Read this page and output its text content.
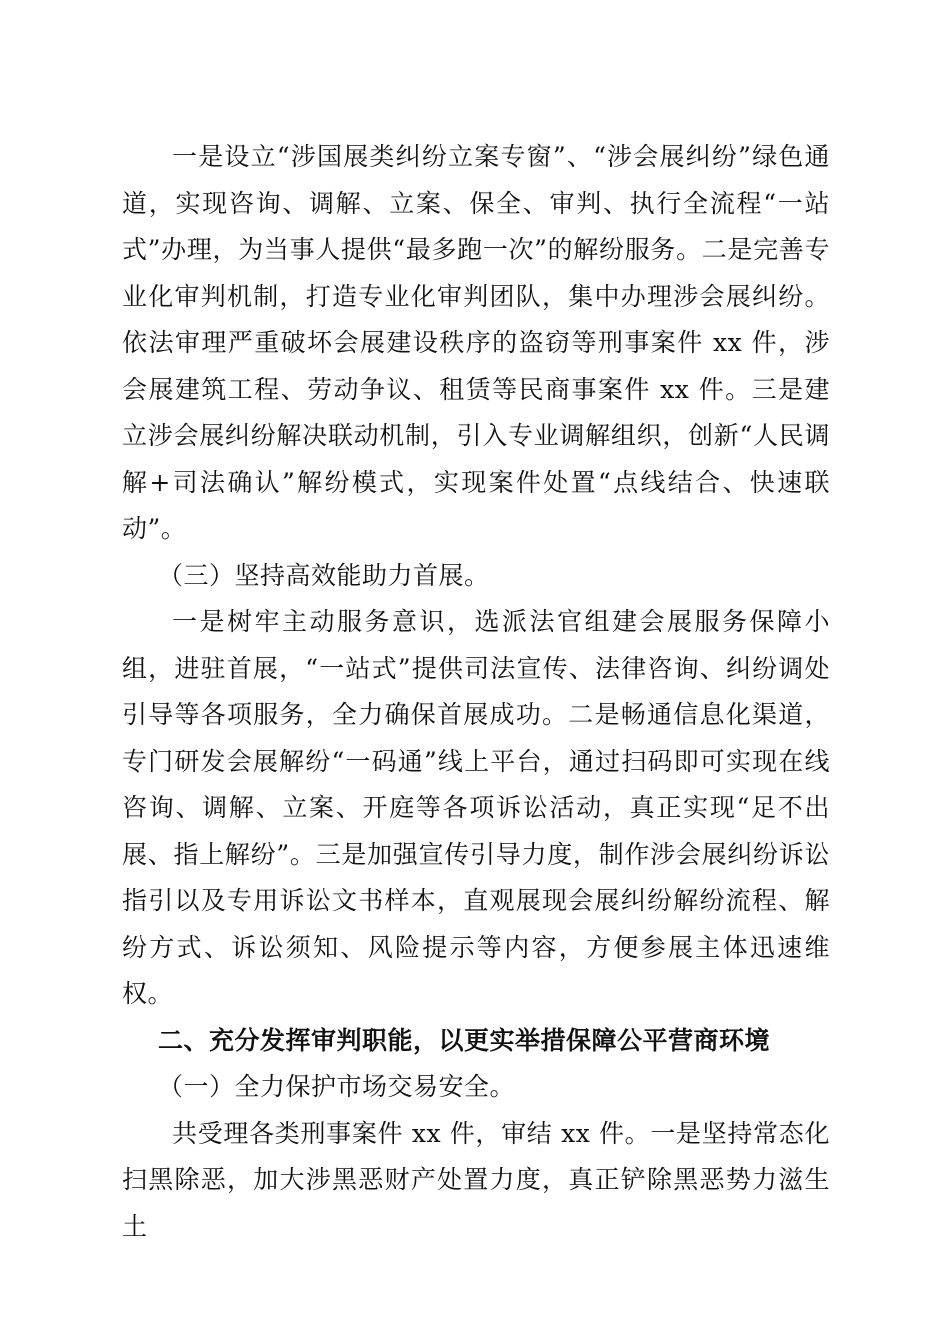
一是设立“涉国展类纠纷立案专窗”、“涉会展纠纷”绿色通道，实现咨询、调解、立案、保全、审判、执行全流程“一站式”办理，为当事人提供“最多跑一次”的解纷服务。二是完善专业化审判机制，打造专业化审判团队，集中办理涉会展纠纷。依法审理严重破坏会展建设秩序的盗窃等刑事案件 xx 件，涉会展建筑工程、劳动争议、租赁等民商事案件 xx 件。三是建立涉会展纠纷解决联动机制，引入专业调解组织，创新“人民调解+司法确认”解纷模式，实现案件处置“点线结合、快速联动”。

（三）坚持高效能助力首展。

一是树牢主动服务意识，选派法官组建会展服务保障小组，进驻首展，“一站式”提供司法宣传、法律咨询、纠纷调处引导等各项服务，全力确保首展成功。二是畅通信息化渠道，专门研发会展解纷“一码通”线上平台，通过扫码即可实现在线咨询、调解、立案、开庭等各项诉讼活动，真正实现“足不出展、指上解纷”。三是加强宣传引导力度，制作涉会展纠纷诉讼指引以及专用诉讼文书样本，直观展现会展纠纷解纷流程、解纷方式、诉讼须知、风险提示等内容，方便参展主体迅速维权。

二、充分发挥审判职能，以更实举措保障公平营商环境

（一）全力保护市场交易安全。

共受理各类刑事案件 xx 件，审结 xx 件。一是坚持常态化扫黑除恶，加大涉黑恶财产处置力度，真正铲除黑恶势力滋生土
